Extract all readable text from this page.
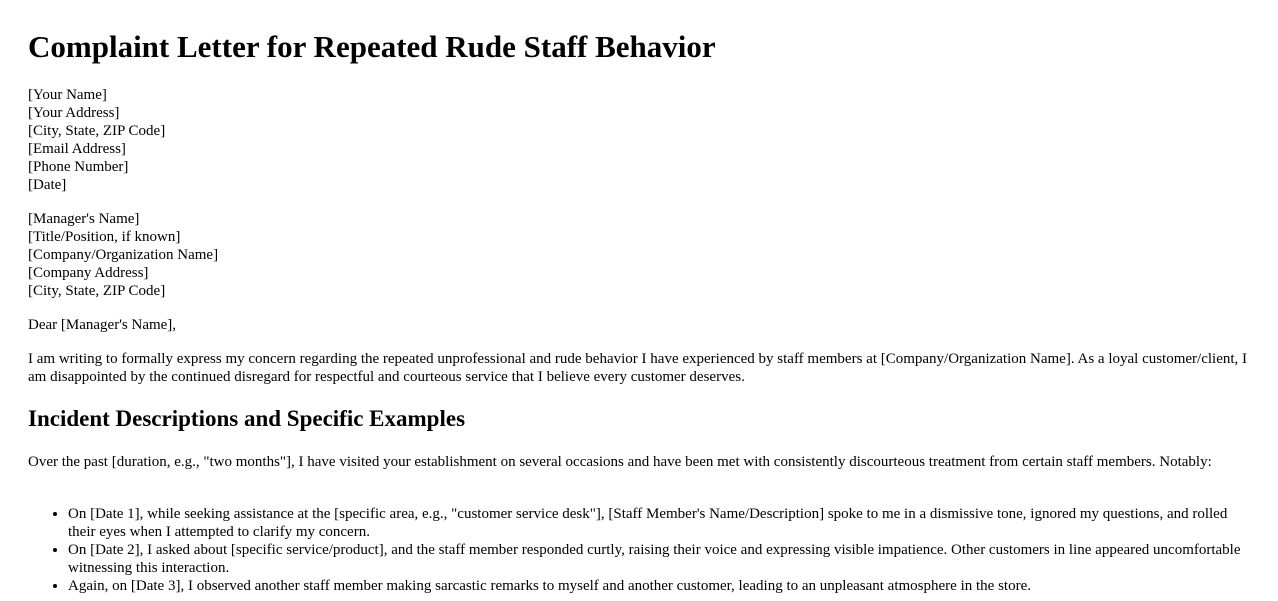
Complaint Letter for Repeated Rude Staff Behavior
[Your Name]
[Your Address]
[City, State, ZIP Code]
[Email Address]
[Phone Number]
[Date]
[Manager's Name]
[Title/Position, if known]
[Company/Organization Name]
[Company Address]
[City, State, ZIP Code]

Dear [Manager's Name],

I am writing to formally express my concern regarding the repeated unprofessional and rude behavior I have experienced by staff members at [Company/Organization Name]. As a loyal customer/client, I am disappointed by the continued disregard for respectful and courteous service that I believe every customer deserves.

Incident Descriptions and Specific Examples

Over the past [duration, e.g., "two months"], I have visited your establishment on several occasions and have been met with consistently discourteous treatment from certain staff members. Notably:

• On [Date 1], while seeking assistance at the [specific area, e.g., "customer service desk"], [Staff Member's Name/Description] spoke to me in a dismissive tone, ignored my questions, and rolled their eyes when I attempted to clarify my concern.
• On [Date 2], I asked about [specific service/product], and the staff member responded curtly, raising their voice and expressing visible impatience. Other customers in line appeared uncomfortable witnessing this interaction.
• Again, on [Date 3], I observed another staff member making sarcastic remarks to myself and another customer, leading to an unpleasant atmosphere in the store.
